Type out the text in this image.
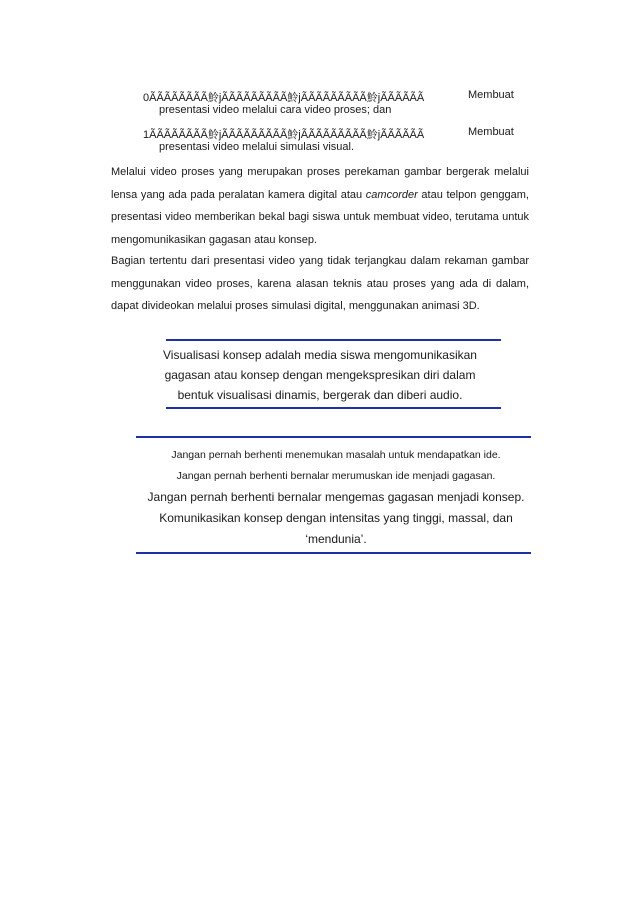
0ÃÃÃÃÃÃÃÃ魿jÃÃÃÃÃÃÃÃÃ魿jÃÃÃÃÃÃÃÃÃ魿jÃÃÃÃÃÃ	Membuat
presentasi video melalui cara video proses; dan
1ÃÃÃÃÃÃÃÃ魿jÃÃÃÃÃÃÃÃÃ魿jÃÃÃÃÃÃÃÃÃ魿jÃÃÃÃÃÃ	Membuat
presentasi video melalui simulasi visual.

Melalui video proses yang merupakan proses perekaman gambar bergerak melalui lensa yang ada pada peralatan kamera digital atau camcorder atau telpon genggam, presentasi video memberikan bekal bagi siswa untuk membuat video, terutama untuk mengomunikasikan gagasan atau konsep.

Bagian tertentu dari presentasi video yang tidak terjangkau dalam rekaman gambar menggunakan video proses, karena alasan teknis atau proses yang ada di dalam, dapat divideokan melalui proses simulasi digital, menggunakan animasi 3D.

Visualisasi konsep adalah media siswa mengomunikasikan
gagasan atau konsep dengan mengekspresikan diri dalam
bentuk visualisasi dinamis, bergerak dan diberi audio.
Jangan pernah berhenti menemukan masalah untuk mendapatkan ide.
Jangan pernah berhenti bernalar merumuskan ide menjadi gagasan.
Jangan pernah berhenti bernalar mengemas gagasan menjadi konsep.
Komunikasikan konsep dengan intensitas yang tinggi, massal, dan
‘mendunia’.
